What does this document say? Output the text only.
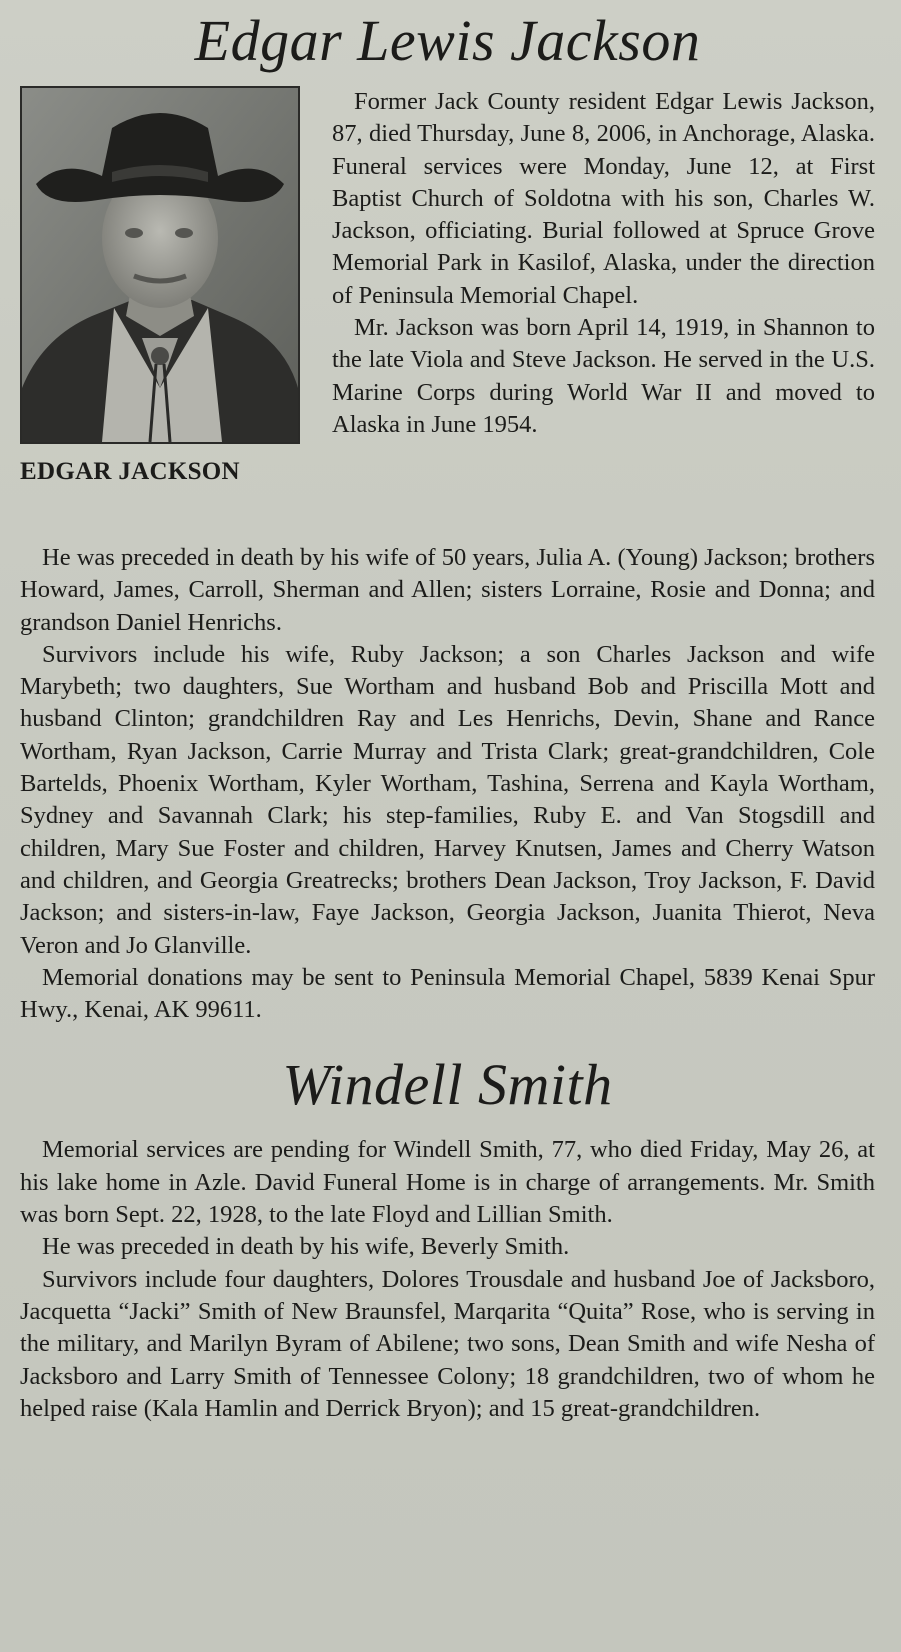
Edgar Lewis Jackson
EDGAR JACKSON

Former Jack County resident Edgar Lewis Jackson, 87, died Thursday, June 8, 2006, in Anchorage, Alaska. Funeral services were Monday, June 12, at First Baptist Church of Soldotna with his son, Charles W. Jackson, officiating. Burial followed at Spruce Grove Memorial Park in Kasilof, Alaska, under the direction of Peninsula Memorial Chapel.

Mr. Jackson was born April 14, 1919, in Shannon to the late Viola and Steve Jackson. He served in the U.S. Marine Corps during World War II and moved to Alaska in June 1954.

He was preceded in death by his wife of 50 years, Julia A. (Young) Jackson; brothers Howard, James, Carroll, Sherman and Allen; sisters Lorraine, Rosie and Donna; and grandson Daniel Henrichs.

Survivors include his wife, Ruby Jackson; a son Charles Jackson and wife Marybeth; two daughters, Sue Wortham and husband Bob and Priscilla Mott and husband Clinton; grandchildren Ray and Les Henrichs, Devin, Shane and Rance Wortham, Ryan Jackson, Carrie Murray and Trista Clark; great-grandchildren, Cole Bartelds, Phoenix Wortham, Kyler Wortham, Tashina, Serrena and Kayla Wortham, Sydney and Savannah Clark; his step-families, Ruby E. and Van Stogsdill and children, Mary Sue Foster and children, Harvey Knutsen, James and Cherry Watson and children, and Georgia Greatrecks; brothers Dean Jackson, Troy Jackson, F. David Jackson; and sisters-in-law, Faye Jackson, Georgia Jackson, Juanita Thierot, Neva Veron and Jo Glanville.

Memorial donations may be sent to Peninsula Memorial Chapel, 5839 Kenai Spur Hwy., Kenai, AK 99611.

Windell Smith

Memorial services are pending for Windell Smith, 77, who died Friday, May 26, at his lake home in Azle. David Funeral Home is in charge of arrangements. Mr. Smith was born Sept. 22, 1928, to the late Floyd and Lillian Smith.

He was preceded in death by his wife, Beverly Smith.

Survivors include four daughters, Dolores Trousdale and husband Joe of Jacksboro, Jacquetta “Jacki” Smith of New Braunsfel, Marqarita “Quita” Rose, who is serving in the military, and Marilyn Byram of Abilene; two sons, Dean Smith and wife Nesha of Jacksboro and Larry Smith of Tennessee Colony; 18 grandchildren, two of whom he helped raise (Kala Hamlin and Derrick Bryon); and 15 great-grandchildren.
